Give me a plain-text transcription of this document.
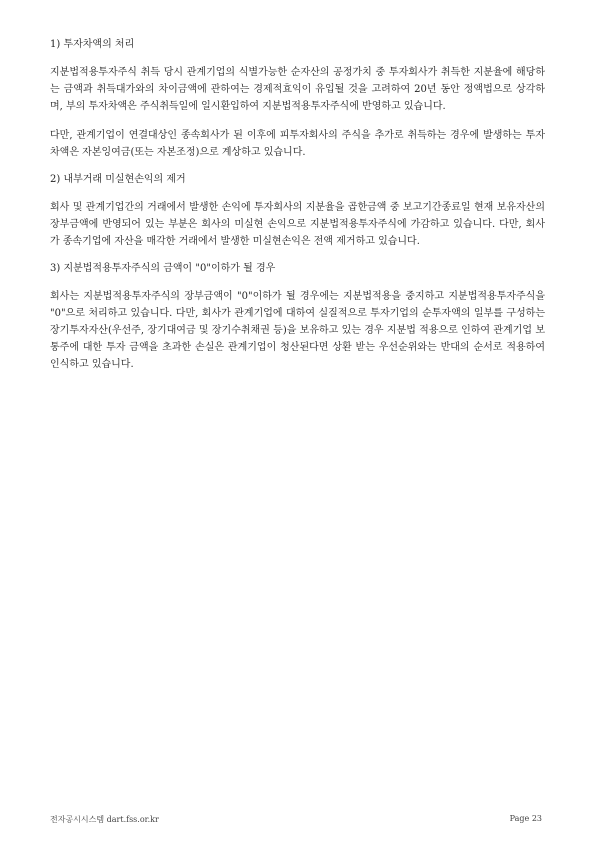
1) 투자차액의 처리

지분법적용투자주식 취득 당시 관계기업의 식별가능한 순자산의 공정가치 중 투자회사가 취득한 지분율에 해당하는 금액과 취득대가와의 차이금액에 관하여는 경제적효익이 유입될 것을 고려하여 20년 동안 정액법으로 상각하며, 부의 투자차액은 주식취득일에 일시환입하여 지분법적용투자주식에 반영하고 있습니다.

다만, 관계기업이 연결대상인 종속회사가 된 이후에 피투자회사의 주식을 추가로 취득하는 경우에 발생하는 투자차액은 자본잉여금(또는 자본조정)으로 계상하고 있습니다.

2) 내부거래 미실현손익의 제거

회사 및 관계기업간의 거래에서 발생한 손익에 투자회사의 지분율을 곱한금액 중 보고기간종료일 현재 보유자산의 장부금액에 반영되어 있는 부분은 회사의 미실현 손익으로 지분법적용투자주식에 가감하고 있습니다. 다만, 회사가 종속기업에 자산을 매각한 거래에서 발생한 미실현손익은 전액 제거하고 있습니다.

3) 지분법적용투자주식의 금액이 "0"이하가 될 경우

회사는 지분법적용투자주식의 장부금액이 "0"이하가 될 경우에는 지분법적용을 중지하고 지분법적용투자주식을 "0"으로 처리하고 있습니다. 다만, 회사가 관계기업에 대하여 실질적으로 투자기업의 순투자액의 일부를 구성하는 장기투자자산(우선주, 장기대여금 및 장기수취채권 등)을 보유하고 있는 경우 지분법 적용으로 인하여 관계기업 보통주에 대한 투자 금액을 초과한 손실은 관계기업이 청산된다면 상환 받는 우선순위와는 반대의 순서로 적용하여 인식하고 있습니다.

전자공시시스템 dart.fss.or.kr	Page 23
